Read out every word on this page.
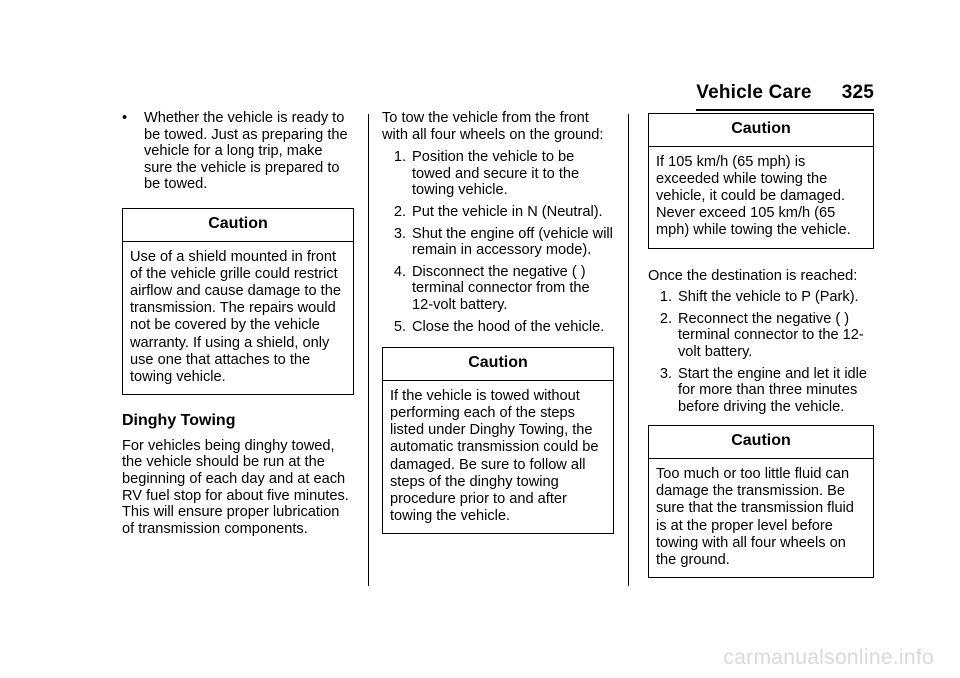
Vehicle Care 325
• Whether the vehicle is ready to be towed. Just as preparing the vehicle for a long trip, make sure the vehicle is prepared to be towed.
Caution
Use of a shield mounted in front of the vehicle grille could restrict airflow and cause damage to the transmission. The repairs would not be covered by the vehicle warranty. If using a shield, only use one that attaches to the towing vehicle.
Dinghy Towing

For vehicles being dinghy towed, the vehicle should be run at the beginning of each day and at each RV fuel stop for about five minutes. This will ensure proper lubrication of transmission components.

To tow the vehicle from the front with all four wheels on the ground:

1. Position the vehicle to be towed and secure it to the towing vehicle.
2. Put the vehicle in N (Neutral).
3. Shut the engine off (vehicle will remain in accessory mode).
4. Disconnect the negative ( ) terminal connector from the 12-volt battery.
5. Close the hood of the vehicle.
Caution
If the vehicle is towed without performing each of the steps listed under Dinghy Towing, the automatic transmission could be damaged. Be sure to follow all steps of the dinghy towing procedure prior to and after towing the vehicle.
Caution
If 105 km/h (65 mph) is exceeded while towing the vehicle, it could be damaged. Never exceed 105 km/h (65 mph) while towing the vehicle.

Once the destination is reached:

1. Shift the vehicle to P (Park).
2. Reconnect the negative ( ) terminal connector to the 12-volt battery.
3. Start the engine and let it idle for more than three minutes before driving the vehicle.
Caution
Too much or too little fluid can damage the transmission. Be sure that the transmission fluid is at the proper level before towing with all four wheels on the ground.
carmanualsonline.info
